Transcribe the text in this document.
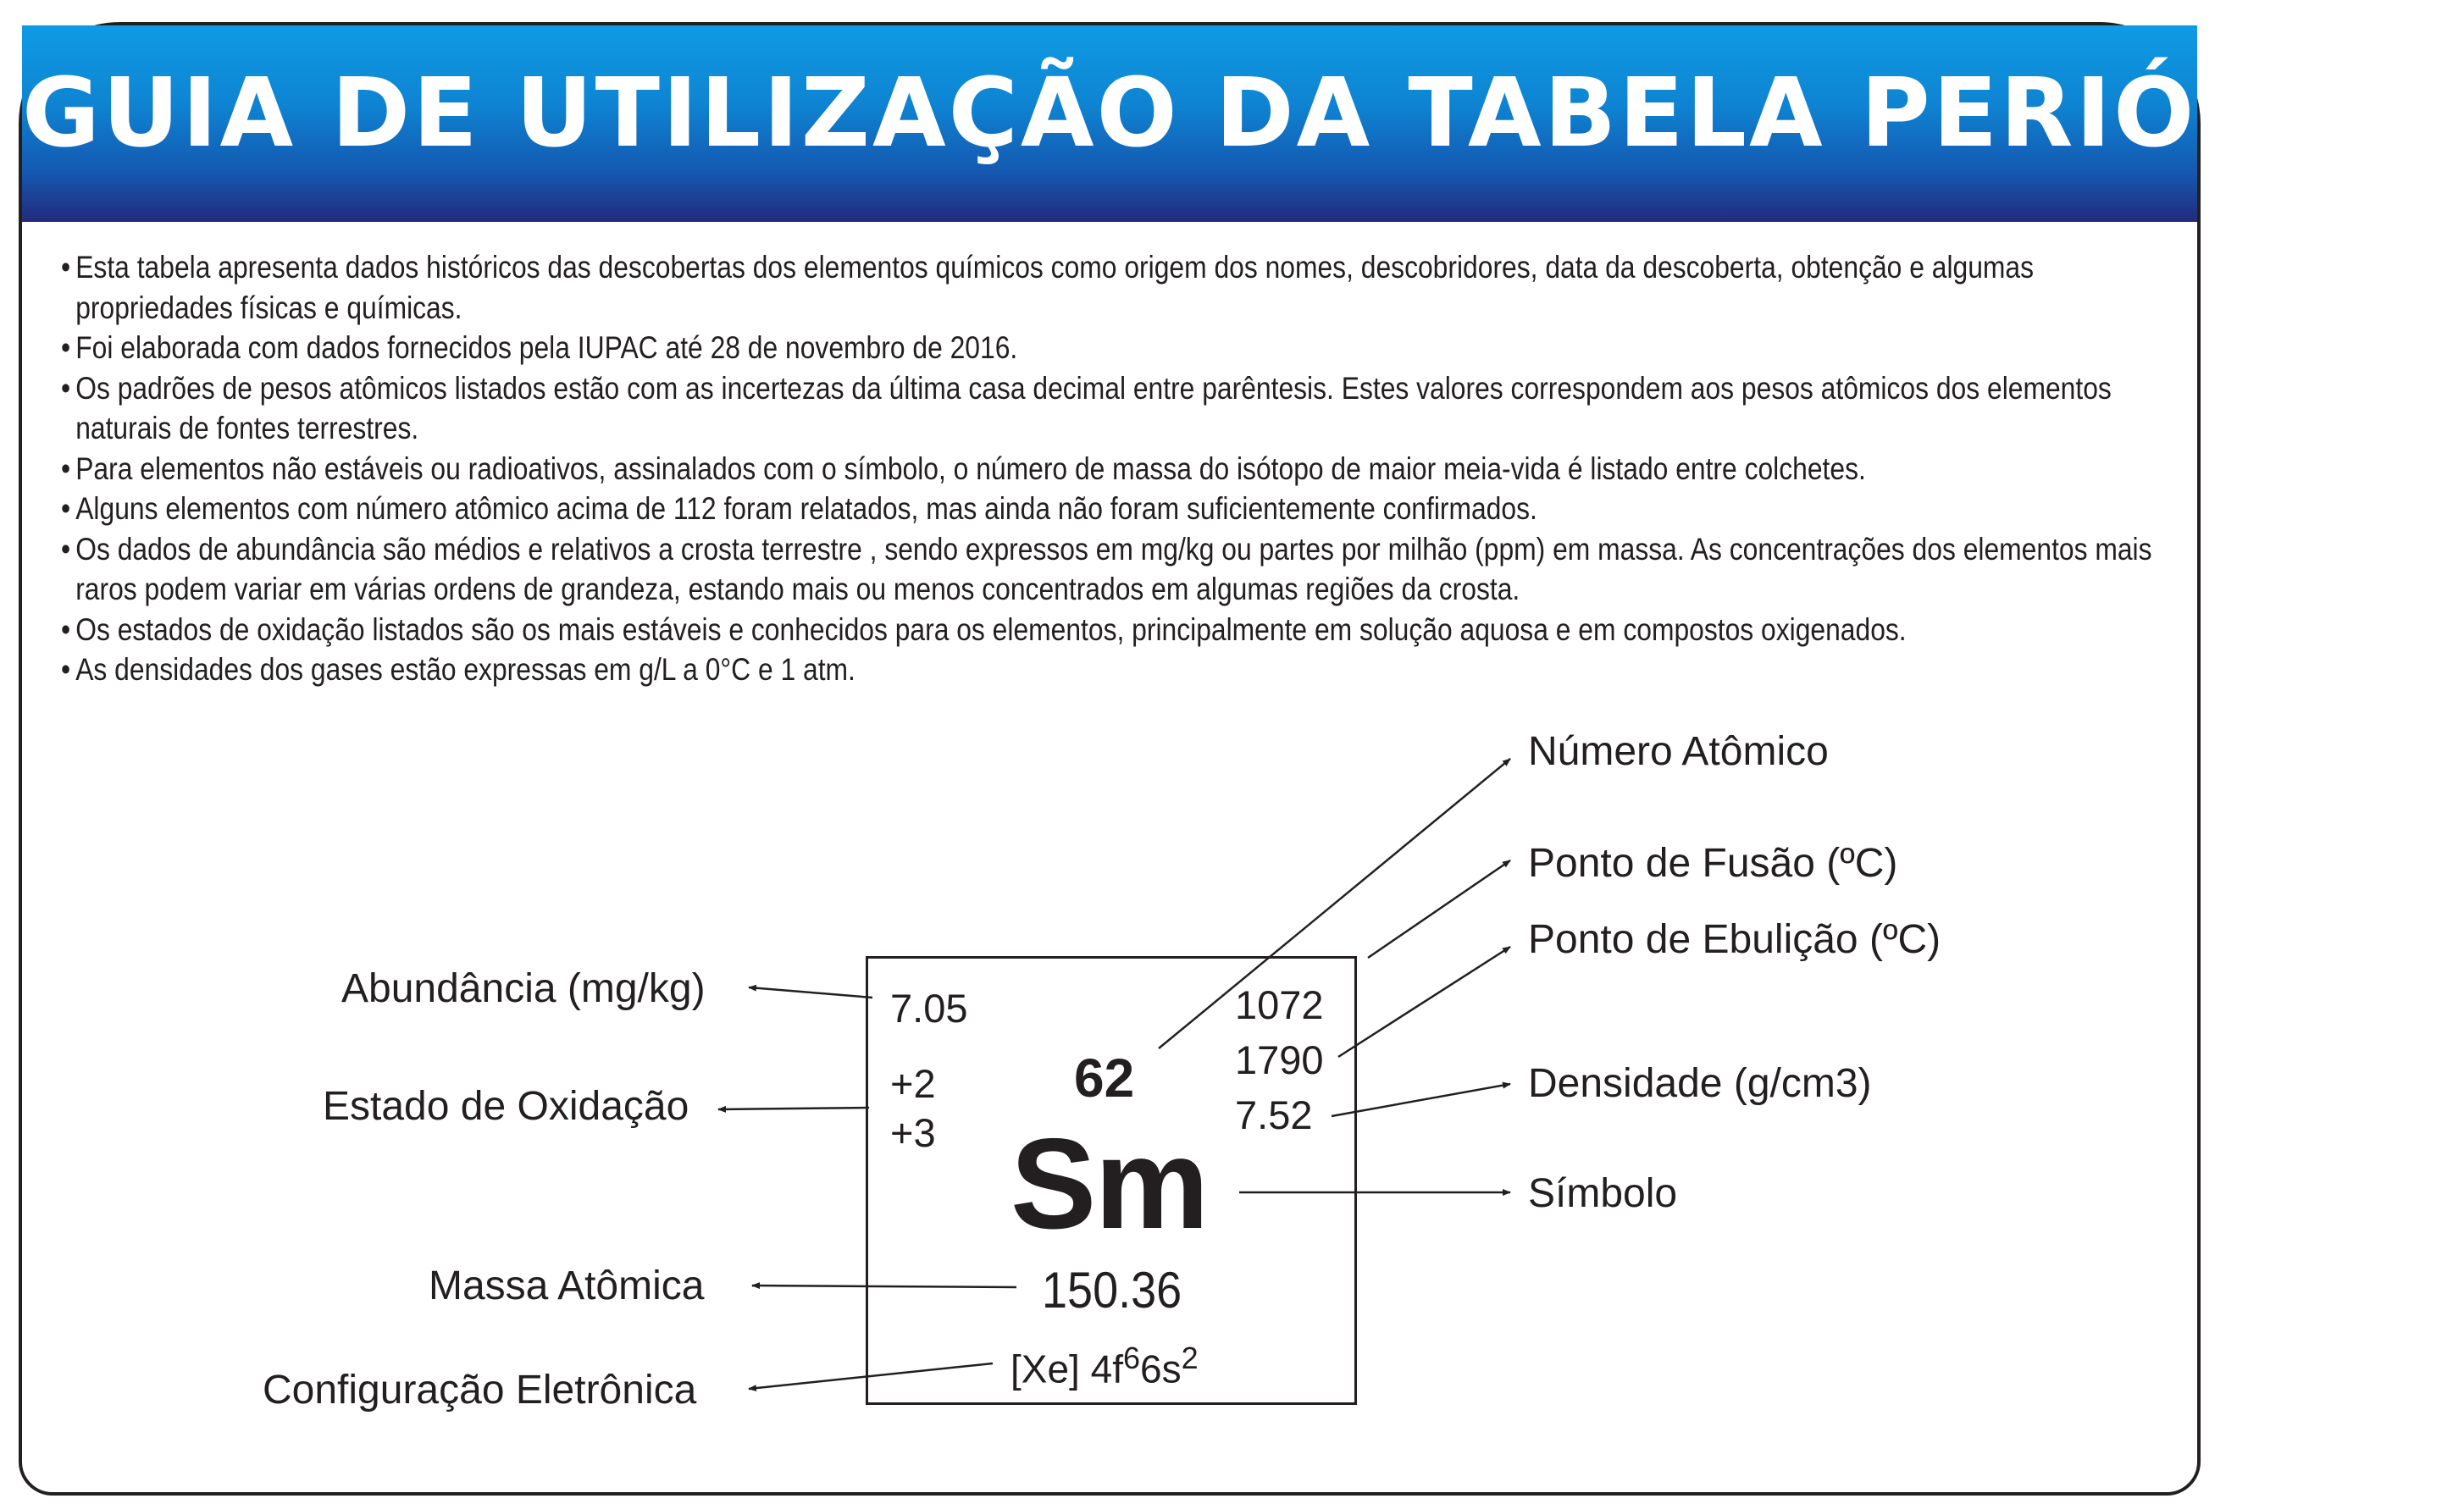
GUIA DE UTILIZAÇÃO DA TABELA PERIÓDICA
• Esta tabela apresenta dados históricos das descobertas dos elementos químicos como origem dos nomes, descobridores, data da descoberta, obtenção e algumas propriedades físicas e químicas.
• Foi elaborada com dados fornecidos pela IUPAC até 28 de novembro de 2016.
• Os padrões de pesos atômicos listados estão com as incertezas da última casa decimal entre parêntesis. Estes valores correspondem aos pesos atômicos dos elementos naturais de fontes terrestres.
• Para elementos não estáveis ou radioativos, assinalados com o símbolo, o número de massa do isótopo de maior meia-vida é listado entre colchetes.
• Alguns elementos com número atômico acima de 112 foram relatados, mas ainda não foram suficientemente confirmados.
• Os dados de abundância são médios e relativos a crosta terrestre , sendo expressos em mg/kg ou partes por milhão (ppm) em massa. As concentrações dos elementos mais raros podem variar em várias ordens de grandeza, estando mais ou menos concentrados em algumas regiões da crosta.
• Os estados de oxidação listados são os mais estáveis e conhecidos para os elementos, principalmente em solução aquosa e em compostos oxigenados.
• As densidades dos gases estão expressas em g/L a 0°C e 1 atm.
7.05
+2
+3
62
1072
1790
7.52
Sm
150.36
[Xe] $4f^66s^2$
Número Atômico
Ponto de Fusão (ºC)
Ponto de Ebulição (ºC)
Densidade (g/cm3)
Símbolo
Abundância (mg/kg)
Estado de Oxidação
Massa Atômica
Configuração Eletrônica
